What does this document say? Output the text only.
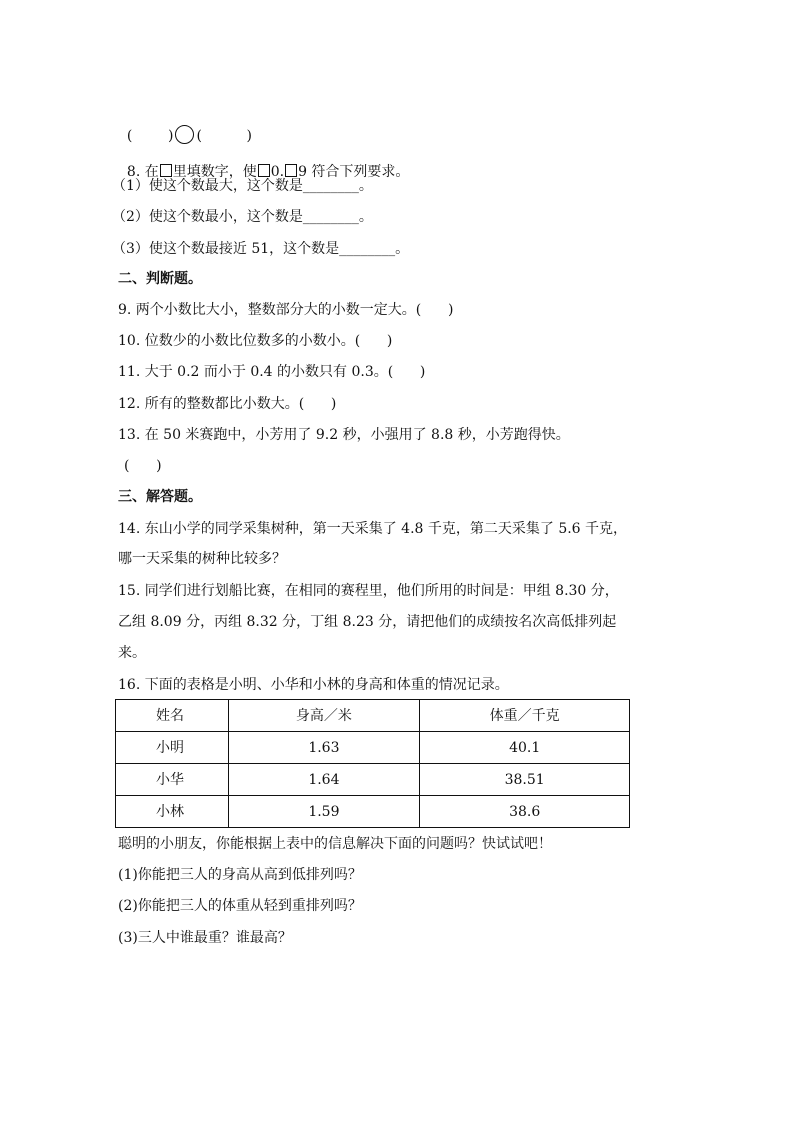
(	) (	)

8. 在 里填数字，使 0. 9 符合下列要求。

（1）使这个数最大，这个数是________。
（2）使这个数最小，这个数是________。
（3）使这个数最接近 51，这个数是________。
二、判断题。
9. 两个小数比大小，整数部分大的小数一定大。(      )
10. 位数少的小数比位数多的小数小。(      )
11. 大于 0.2 而小于 0.4 的小数只有 0.3。(      )
12. 所有的整数都比小数大。(      )
13. 在 50 米赛跑中，小芳用了 9.2 秒，小强用了 8.8 秒，小芳跑得快。
(      )
三、解答题。
14. 东山小学的同学采集树种，第一天采集了 4.8 千克，第二天采集了 5.6 千克，
哪一天采集的树种比较多？
15. 同学们进行划船比赛，在相同的赛程里，他们所用的时间是：甲组 8.30 分，
乙组 8.09 分，丙组 8.32 分，丁组 8.23 分，请把他们的成绩按名次高低排列起
来。
16. 下面的表格是小明、小华和小林的身高和体重的情况记录。
姓名	身高／米	体重／千克
小明	1.63	40.1
小华	1.64	38.51
小林	1.59	38.6
聪明的小朋友，你能根据上表中的信息解决下面的问题吗？快试试吧！
(1)你能把三人的身高从高到低排列吗？
(2)你能把三人的体重从轻到重排列吗？
(3)三人中谁最重？谁最高？
